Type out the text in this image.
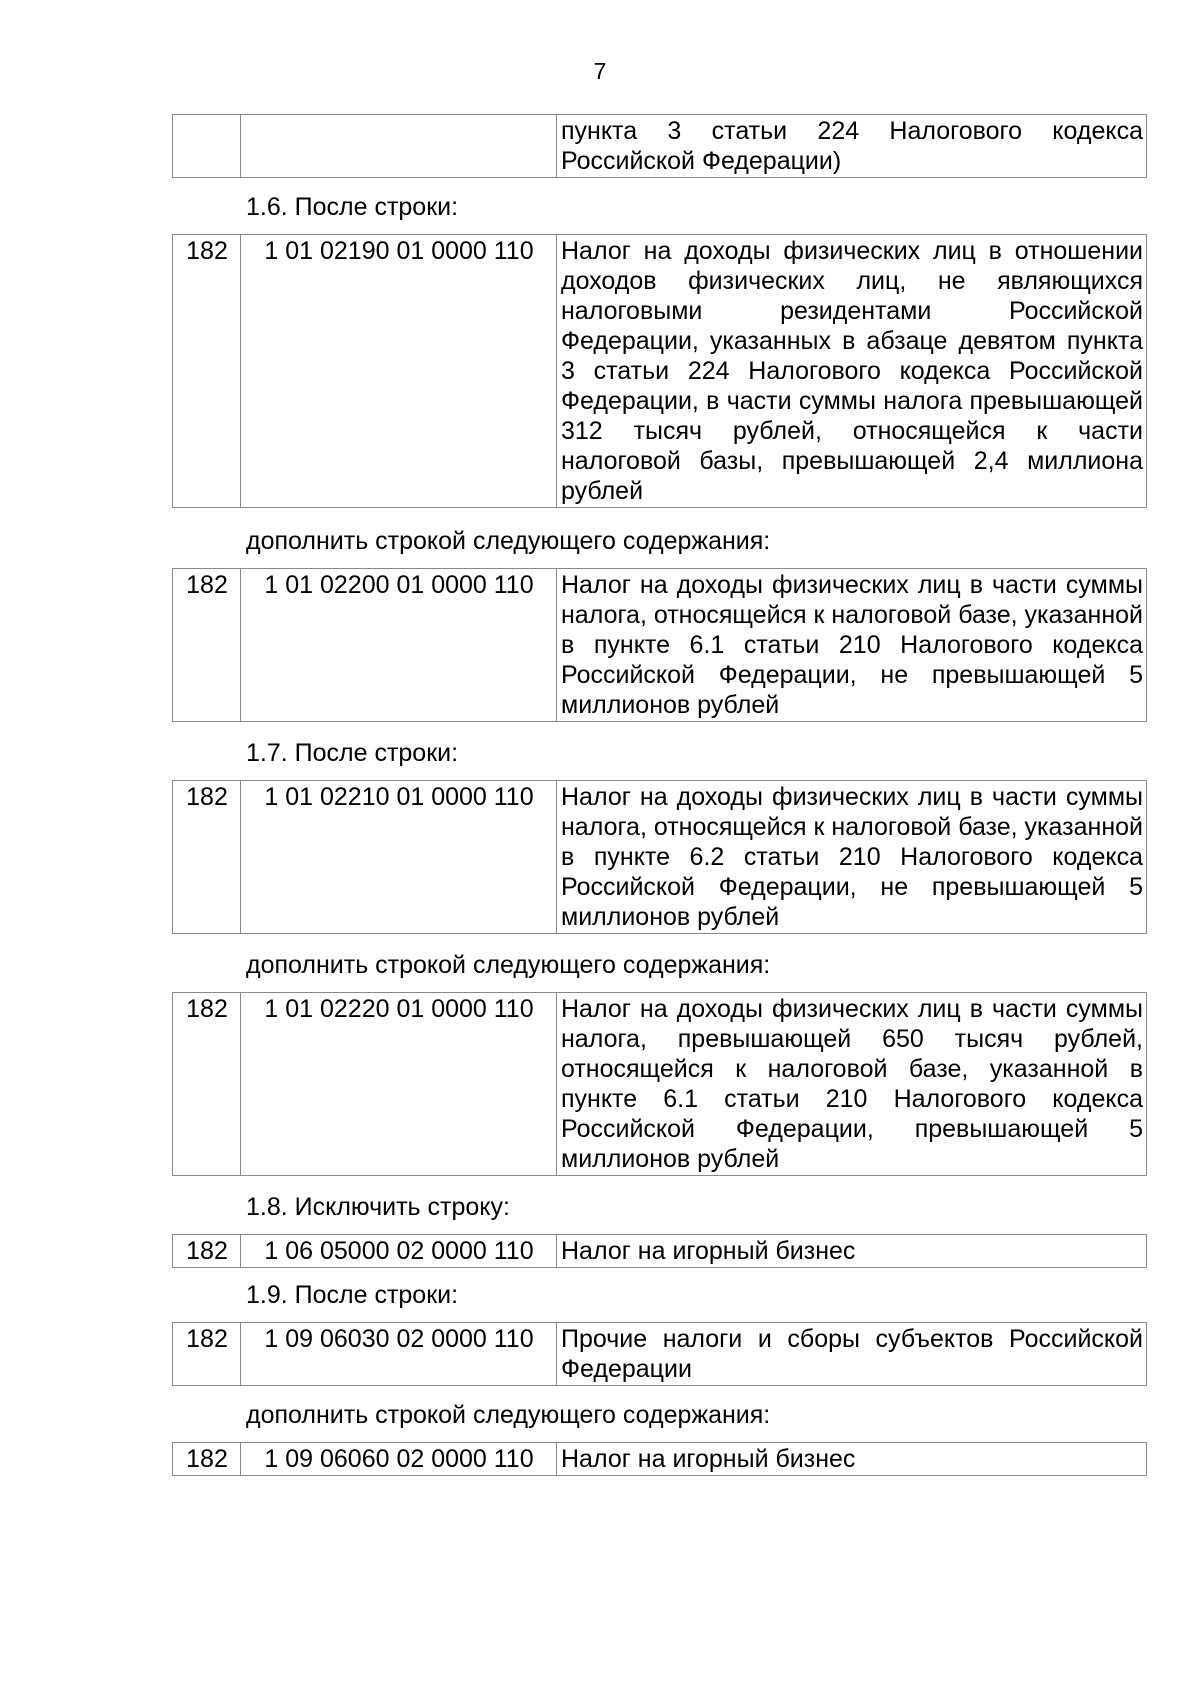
7
		пункта 3 статьи 224 Налогового кодекса Российской Федерации)
1.6. После строки:
182	1 01 02190 01 0000 110	Налог на доходы физических лиц в отношении доходов физических лиц, не являющихся налоговыми резидентами Российской Федерации, указанных в абзаце девятом пункта 3 статьи 224 Налогового кодекса Российской Федерации, в части суммы налога превышающей 312 тысяч рублей, относящейся к части налоговой базы, превышающей 2,4 миллиона рублей
дополнить строкой следующего содержания:
182	1 01 02200 01 0000 110	Налог на доходы физических лиц в части суммы налога, относящейся к налоговой базе, указанной в пункте 6.1 статьи 210 Налогового кодекса Российской Федерации, не превышающей 5 миллионов рублей
1.7. После строки:
182	1 01 02210 01 0000 110	Налог на доходы физических лиц в части суммы налога, относящейся к налоговой базе, указанной в пункте 6.2 статьи 210 Налогового кодекса Российской Федерации, не превышающей 5 миллионов рублей
дополнить строкой следующего содержания:
182	1 01 02220 01 0000 110	Налог на доходы физических лиц в части суммы налога, превышающей 650 тысяч рублей, относящейся к налоговой базе, указанной в пункте 6.1 статьи 210 Налогового кодекса Российской Федерации, превышающей 5 миллионов рублей
1.8. Исключить строку:
182	1 06 05000 02 0000 110	Налог на игорный бизнес
1.9. После строки:
182	1 09 06030 02 0000 110	Прочие налоги и сборы субъектов Российской Федерации
дополнить строкой следующего содержания:
182	1 09 06060 02 0000 110	Налог на игорный бизнес
